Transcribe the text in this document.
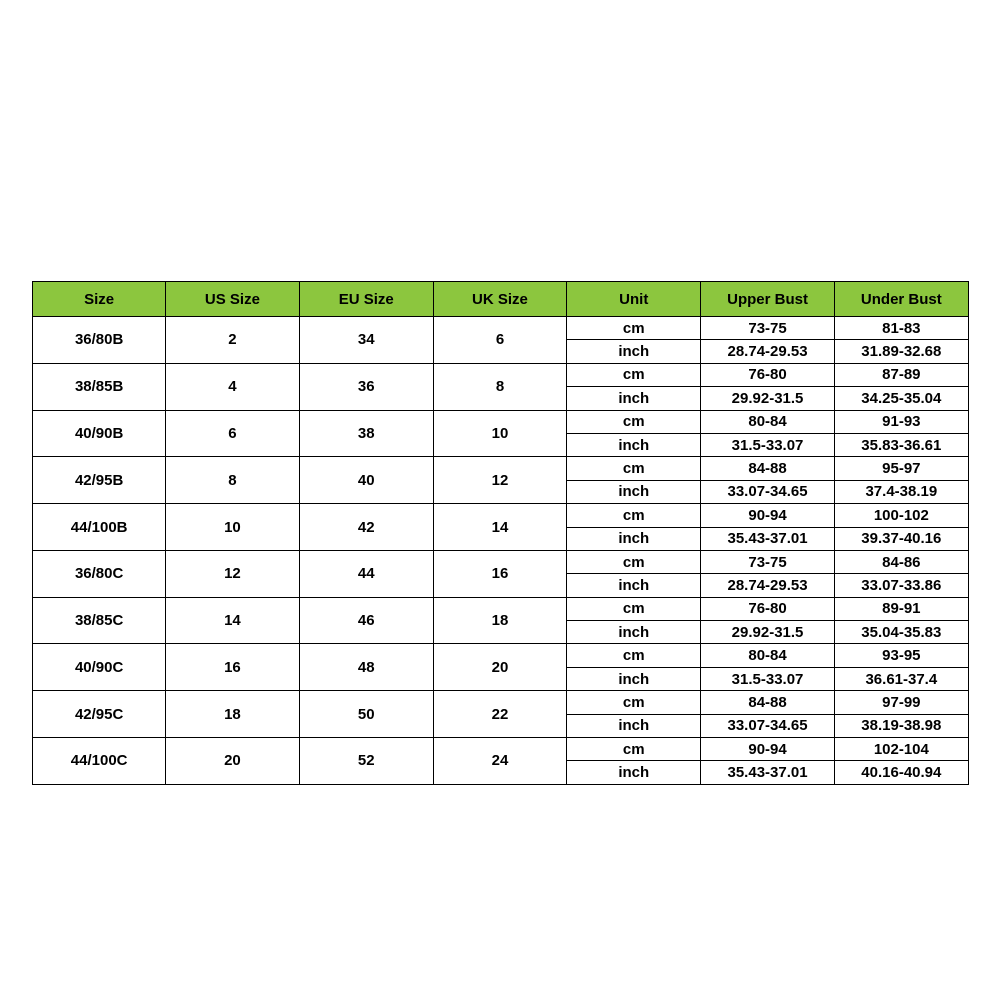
Size	US Size	EU Size	UK Size	Unit	Upper Bust	Under Bust
36/80B	2	34	6	cm	73-75	81-83
				inch	28.74-29.53	31.89-32.68
38/85B	4	36	8	cm	76-80	87-89
				inch	29.92-31.5	34.25-35.04
40/90B	6	38	10	cm	80-84	91-93
				inch	31.5-33.07	35.83-36.61
42/95B	8	40	12	cm	84-88	95-97
				inch	33.07-34.65	37.4-38.19
44/100B	10	42	14	cm	90-94	100-102
				inch	35.43-37.01	39.37-40.16
36/80C	12	44	16	cm	73-75	84-86
				inch	28.74-29.53	33.07-33.86
38/85C	14	46	18	cm	76-80	89-91
				inch	29.92-31.5	35.04-35.83
40/90C	16	48	20	cm	80-84	93-95
				inch	31.5-33.07	36.61-37.4
42/95C	18	50	22	cm	84-88	97-99
				inch	33.07-34.65	38.19-38.98
44/100C	20	52	24	cm	90-94	102-104
				inch	35.43-37.01	40.16-40.94
